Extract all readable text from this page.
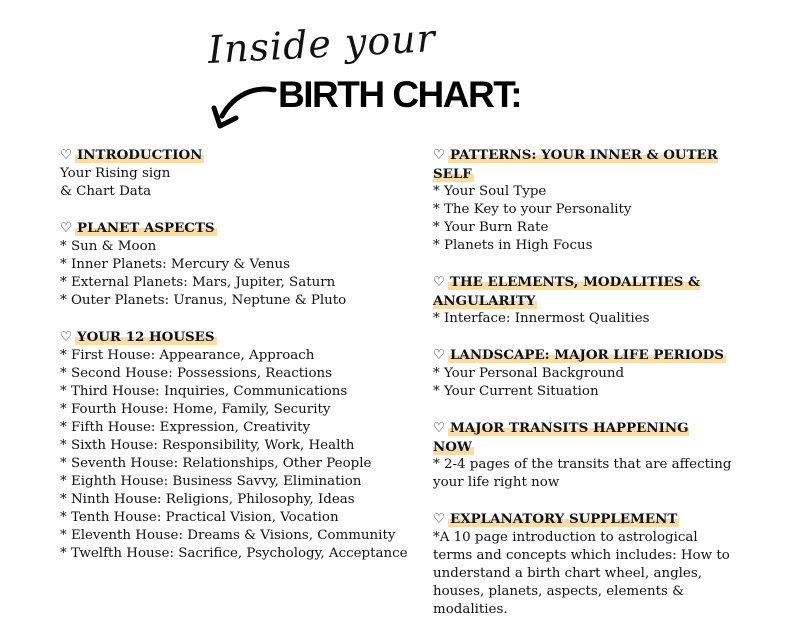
Inside your
BIRTH CHART:
♡ INTRODUCTION
Your Rising sign
& Chart Data
♡ PLANET ASPECTS
* Sun & Moon
* Inner Planets: Mercury & Venus
* External Planets: Mars, Jupiter, Saturn
* Outer Planets: Uranus, Neptune & Pluto
♡ YOUR 12 HOUSES
* First House: Appearance, Approach
* Second House: Possessions, Reactions
* Third House: Inquiries, Communications
* Fourth House: Home, Family, Security
* Fifth House: Expression, Creativity
* Sixth House: Responsibility, Work, Health
* Seventh House: Relationships, Other People
* Eighth House: Business Savvy, Elimination
* Ninth House: Religions, Philosophy, Ideas
* Tenth House: Practical Vision, Vocation
* Eleventh House: Dreams & Visions, Community
* Twelfth House: Sacrifice, Psychology, Acceptance
♡ PATTERNS: YOUR INNER & OUTER SELF
* Your Soul Type
* The Key to your Personality
* Your Burn Rate
* Planets in High Focus
♡ THE ELEMENTS, MODALITIES & ANGULARITY
* Interface: Innermost Qualities
♡ LANDSCAPE: MAJOR LIFE PERIODS
* Your Personal Background
* Your Current Situation
♡ MAJOR TRANSITS HAPPENING NOW
* 2-4 pages of the transits that are affecting your life right now
♡ EXPLANATORY SUPPLEMENT
*A 10 page introduction to astrological terms and concepts which includes: How to understand a birth chart wheel, angles, houses, planets, aspects, elements & modalities.
